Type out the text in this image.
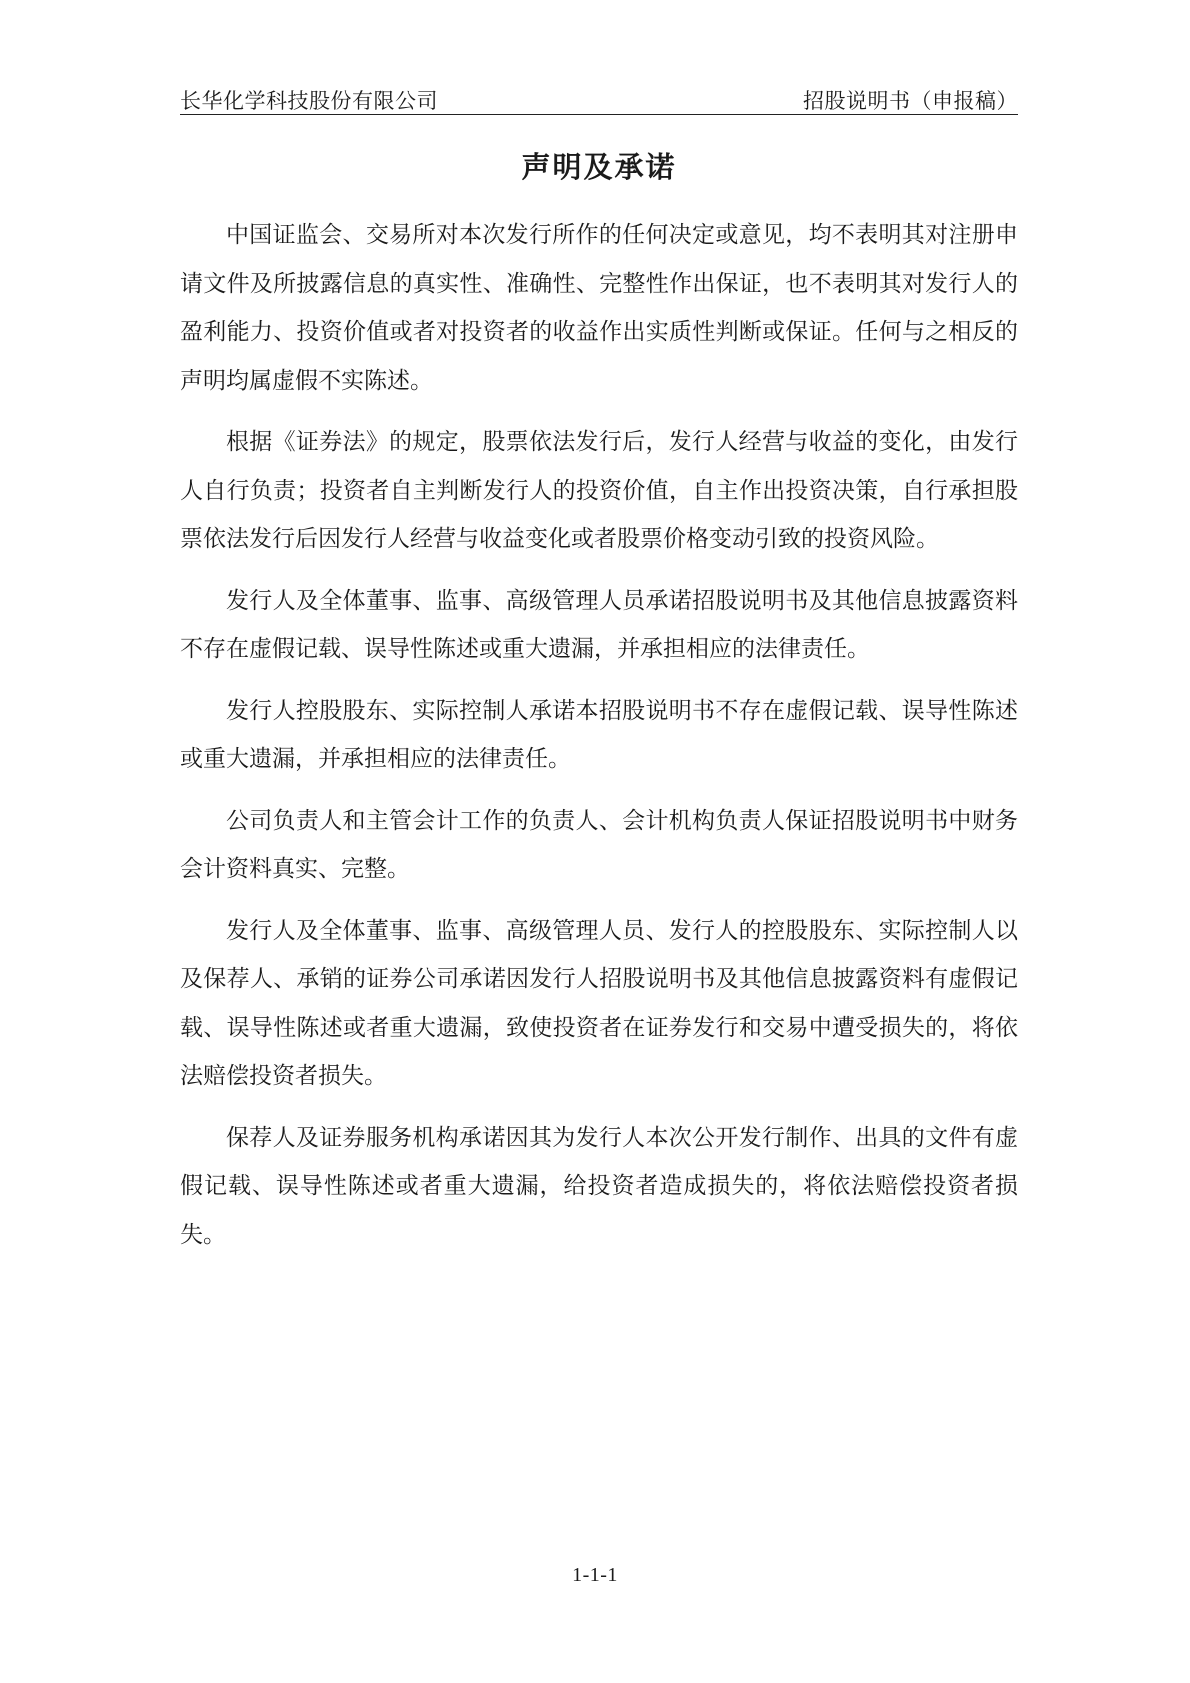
长华化学科技股份有限公司	招股说明书（申报稿）
声明及承诺

中国证监会、交易所对本次发行所作的任何决定或意见，均不表明其对注册申请文件及所披露信息的真实性、准确性、完整性作出保证，也不表明其对发行人的盈利能力、投资价值或者对投资者的收益作出实质性判断或保证。任何与之相反的声明均属虚假不实陈述。

根据《证券法》的规定，股票依法发行后，发行人经营与收益的变化，由发行人自行负责；投资者自主判断发行人的投资价值，自主作出投资决策，自行承担股票依法发行后因发行人经营与收益变化或者股票价格变动引致的投资风险。

发行人及全体董事、监事、高级管理人员承诺招股说明书及其他信息披露资料不存在虚假记载、误导性陈述或重大遗漏，并承担相应的法律责任。

发行人控股股东、实际控制人承诺本招股说明书不存在虚假记载、误导性陈述或重大遗漏，并承担相应的法律责任。

公司负责人和主管会计工作的负责人、会计机构负责人保证招股说明书中财务会计资料真实、完整。

发行人及全体董事、监事、高级管理人员、发行人的控股股东、实际控制人以及保荐人、承销的证券公司承诺因发行人招股说明书及其他信息披露资料有虚假记载、误导性陈述或者重大遗漏，致使投资者在证券发行和交易中遭受损失的，将依法赔偿投资者损失。

保荐人及证券服务机构承诺因其为发行人本次公开发行制作、出具的文件有虚假记载、误导性陈述或者重大遗漏，给投资者造成损失的，将依法赔偿投资者损失。

1-1-1
